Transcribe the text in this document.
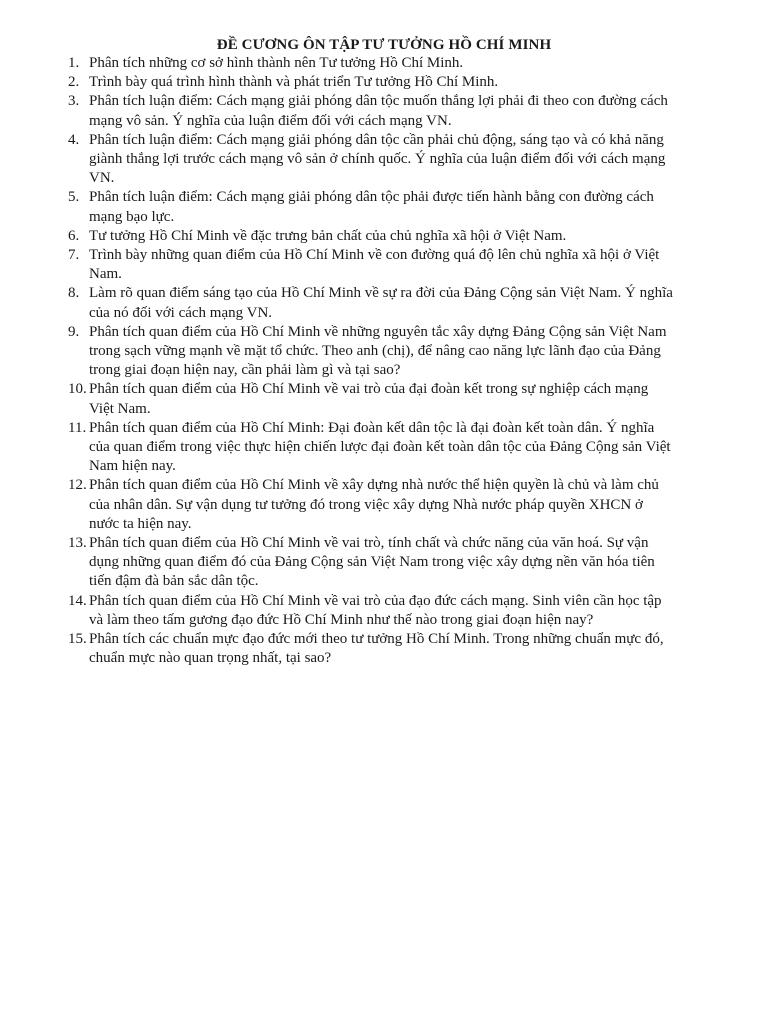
ĐỀ CƯƠNG ÔN TẬP TƯ TƯỞNG HỒ CHÍ MINH
1. Phân tích những cơ sở hình thành nên Tư tưởng Hồ Chí Minh.
2. Trình bày quá trình hình thành và phát triển Tư tưởng Hồ Chí Minh.
3. Phân tích luận điểm: Cách mạng giải phóng dân tộc muốn thắng lợi phải đi theo con đường cách mạng vô sản. Ý nghĩa của luận điểm đối với cách mạng VN.
4. Phân tích luận điểm: Cách mạng giải phóng dân tộc cần phải chủ động, sáng tạo và có khả năng giành thắng lợi trước cách mạng vô sản ở chính quốc. Ý nghĩa của luận điểm đối với cách mạng VN.
5. Phân tích luận điểm: Cách mạng giải phóng dân tộc phải được tiến hành bằng con đường cách mạng bạo lực.
6. Tư tưởng Hồ Chí Minh về đặc trưng bản chất của chủ nghĩa xã hội ở Việt Nam.
7. Trình bày những quan điểm của Hồ Chí Minh về con đường quá độ lên chủ nghĩa xã hội ở Việt Nam.
8. Làm rõ quan điểm sáng tạo của Hồ Chí Minh về sự ra đời của Đảng Cộng sản Việt Nam. Ý nghĩa của nó đối với cách mạng VN.
9. Phân tích quan điểm của Hồ Chí Minh về những nguyên tắc xây dựng Đảng Cộng sản Việt Nam trong sạch vững mạnh về mặt tổ chức. Theo anh (chị), để nâng cao năng lực lãnh đạo của Đảng trong giai đoạn hiện nay, cần phải làm gì và tại sao?
10. Phân tích quan điểm của Hồ Chí Minh về vai trò của đại đoàn kết trong sự nghiệp cách mạng Việt Nam.
11. Phân tích quan điểm của Hồ Chí Minh: Đại đoàn kết dân tộc là đại đoàn kết toàn dân. Ý nghĩa của quan điểm trong việc thực hiện chiến lược đại đoàn kết toàn dân tộc của Đảng Cộng sản Việt Nam hiện nay.
12. Phân tích quan điểm của Hồ Chí Minh về xây dựng nhà nước thể hiện quyền là chủ và làm chủ của nhân dân. Sự vận dụng tư tưởng đó trong việc xây dựng Nhà nước pháp quyền XHCN ở nước ta hiện nay.
13. Phân tích quan điểm của Hồ Chí Minh về vai trò, tính chất và chức năng của văn hoá. Sự vận dụng những quan điểm đó của Đảng Cộng sản Việt Nam trong việc xây dựng nền văn hóa tiên tiến đậm đà bản sắc dân tộc.
14. Phân tích quan điểm của Hồ Chí Minh về vai trò của đạo đức cách mạng. Sinh viên cần học tập và làm theo tấm gương đạo đức Hồ Chí Minh như thế nào trong giai đoạn hiện nay?
15. Phân tích các chuẩn mực đạo đức mới theo tư tưởng Hồ Chí Minh. Trong những chuẩn mực đó, chuẩn mực nào quan trọng nhất, tại sao?
